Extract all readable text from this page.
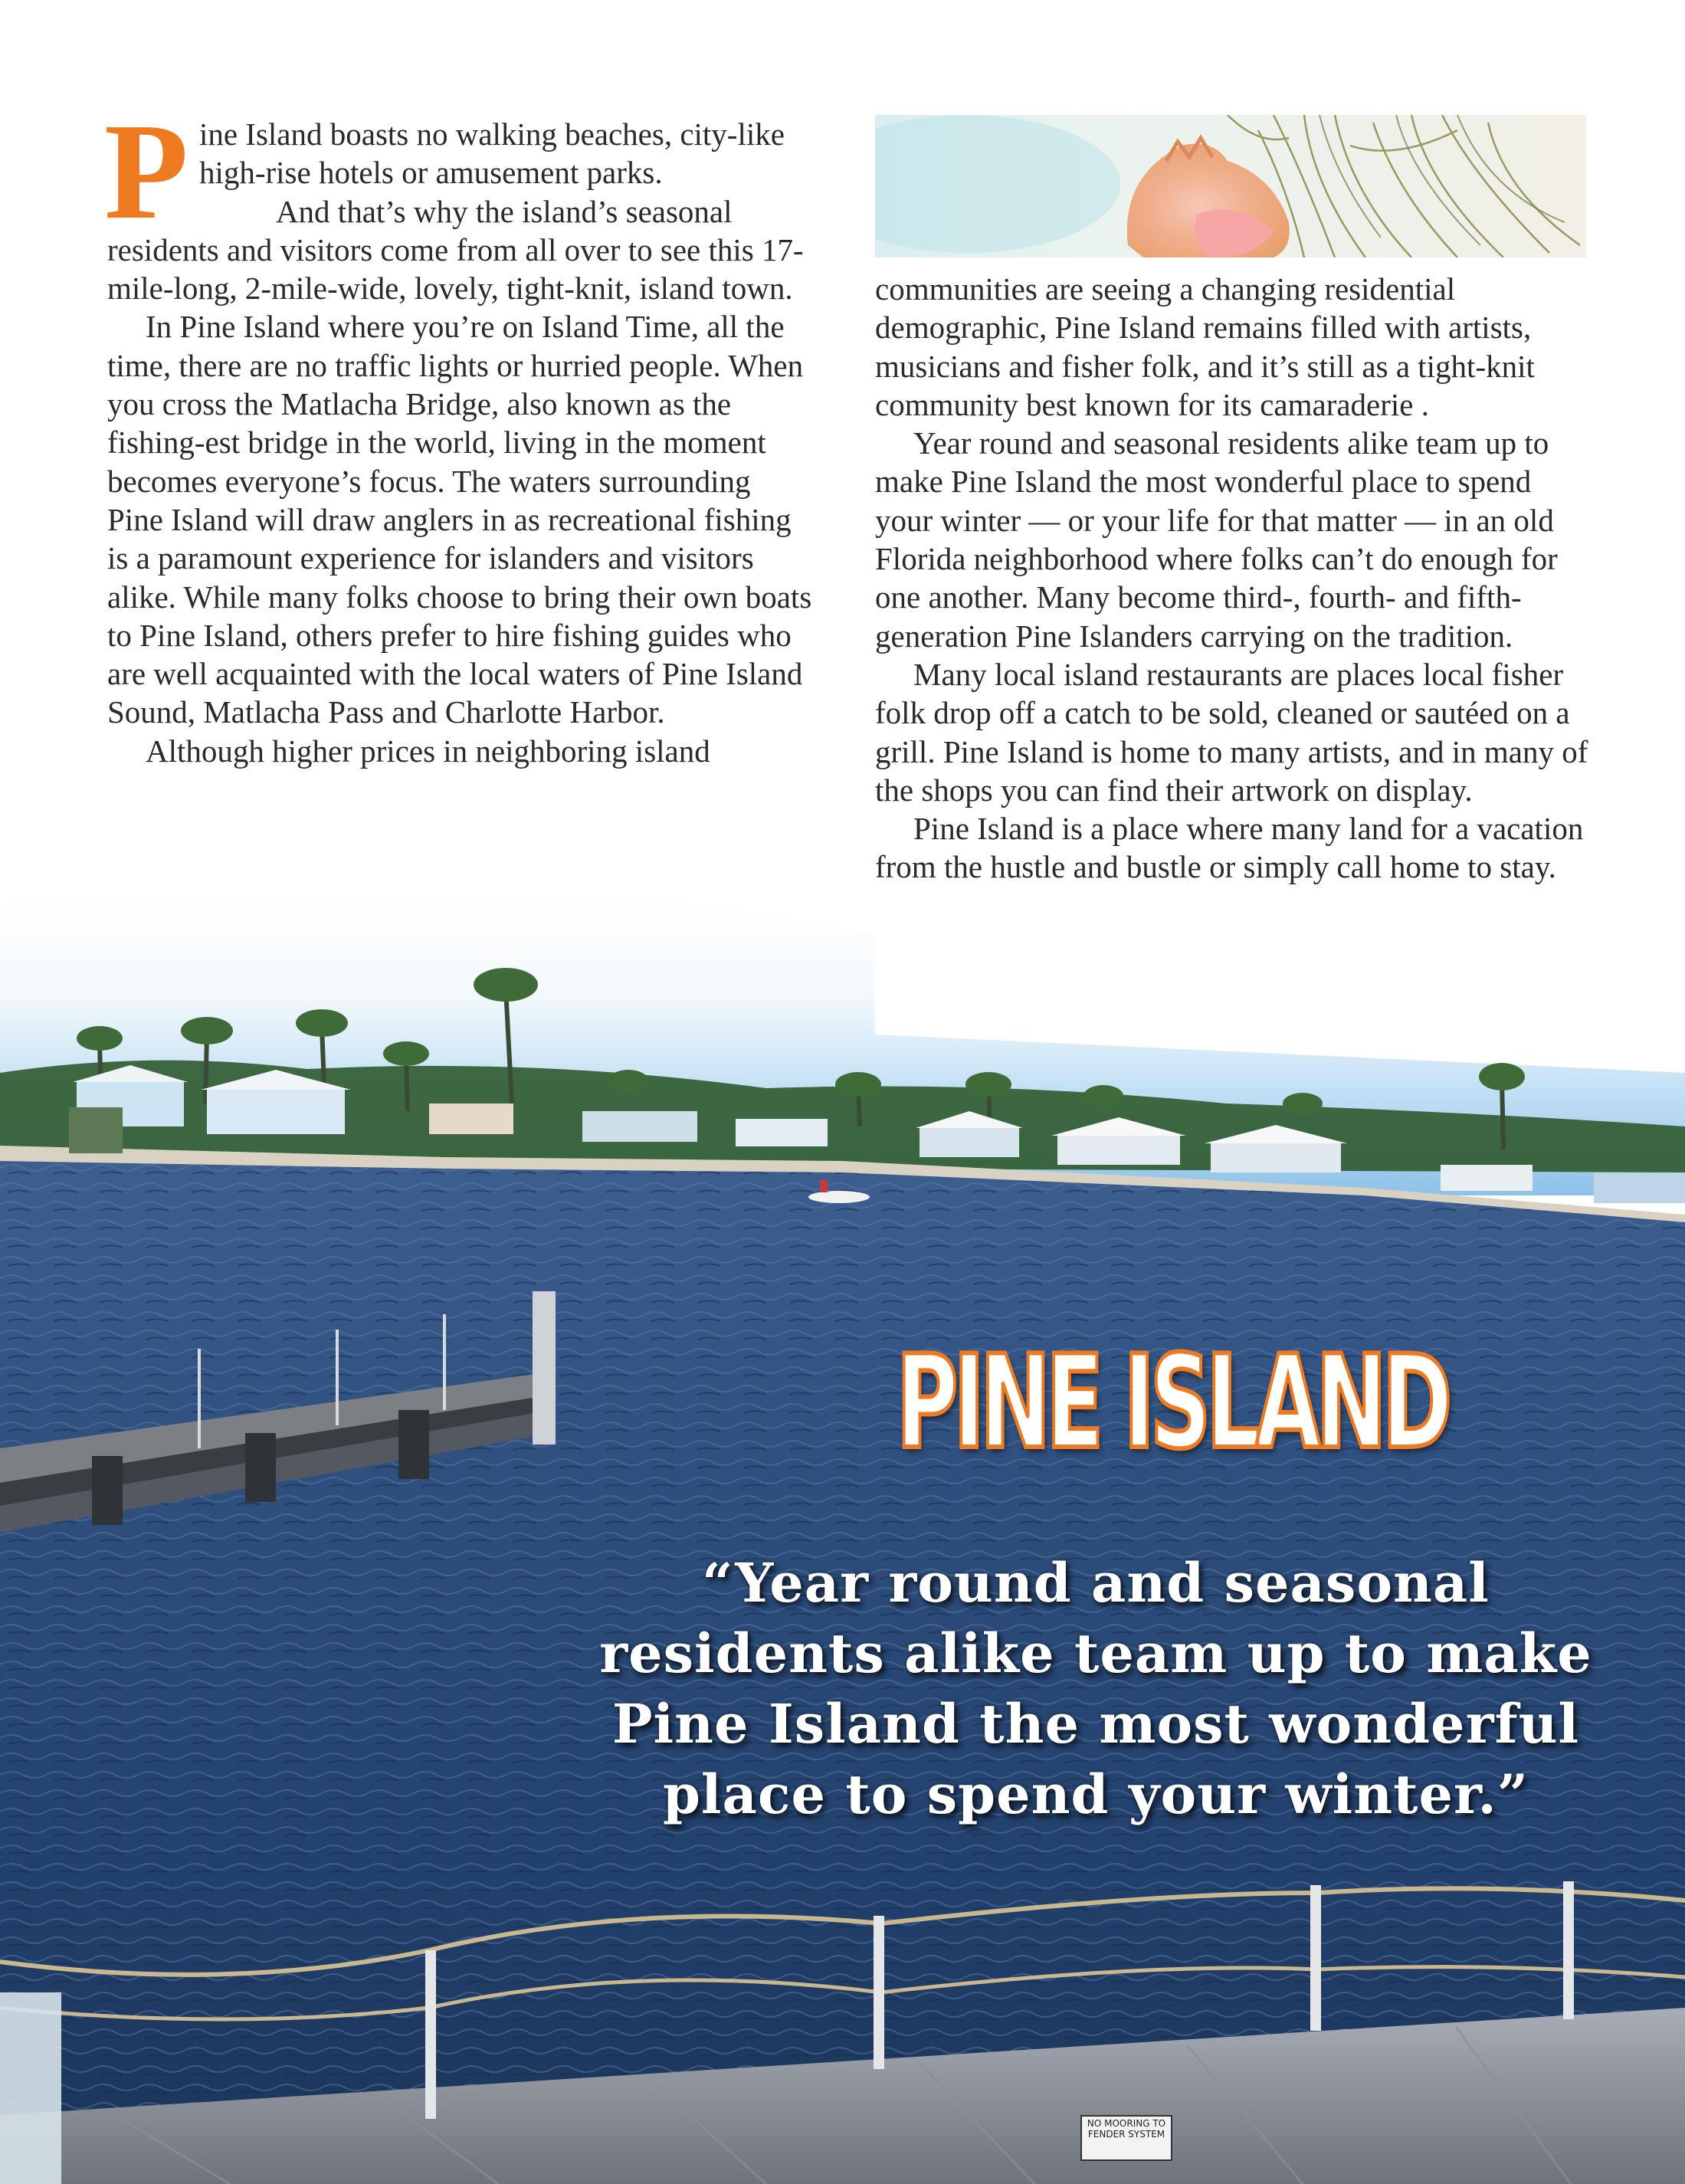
NO MOORING TO FENDER SYSTEM

Pine Island boasts no walking beaches, city-like high-rise hotels or amusement parks.

And that’s why the island’s seasonal residents and visitors come from all over to see this 17-mile-long, 2-mile-wide, lovely, tight-knit, island town.

In Pine Island where you’re on Island Time, all the time, there are no traffic lights or hurried people. When you cross the Matlacha Bridge, also known as the fishing-est bridge in the world, living in the moment becomes everyone’s focus. The waters surrounding Pine Island will draw anglers in as recreational fishing is a paramount experience for islanders and visitors alike. While many folks choose to bring their own boats to Pine Island, others prefer to hire fishing guides who are well acquainted with the local waters of Pine Island Sound, Matlacha Pass and Charlotte Harbor.

Although higher prices in neighboring island

communities are seeing a changing residential demographic, Pine Island remains filled with artists, musicians and fisher folk, and it’s still as a tight-knit community best known for its camaraderie .

Year round and seasonal residents alike team up to make Pine Island the most wonderful place to spend your winter — or your life for that matter — in an old Florida neighborhood where folks can’t do enough for one another. Many become third-, fourth- and fifth-generation Pine Islanders carrying on the tradition.

Many local island restaurants are places local fisher folk drop off a catch to be sold, cleaned or sautéed on a grill. Pine Island is home to many artists, and in many of the shops you can find their artwork on display.

Pine Island is a place where many land for a vacation from the hustle and bustle or simply call home to stay.

PINE ISLAND

“Year round and seasonal residents alike team up to make Pine Island the most wonderful place to spend your winter.”
